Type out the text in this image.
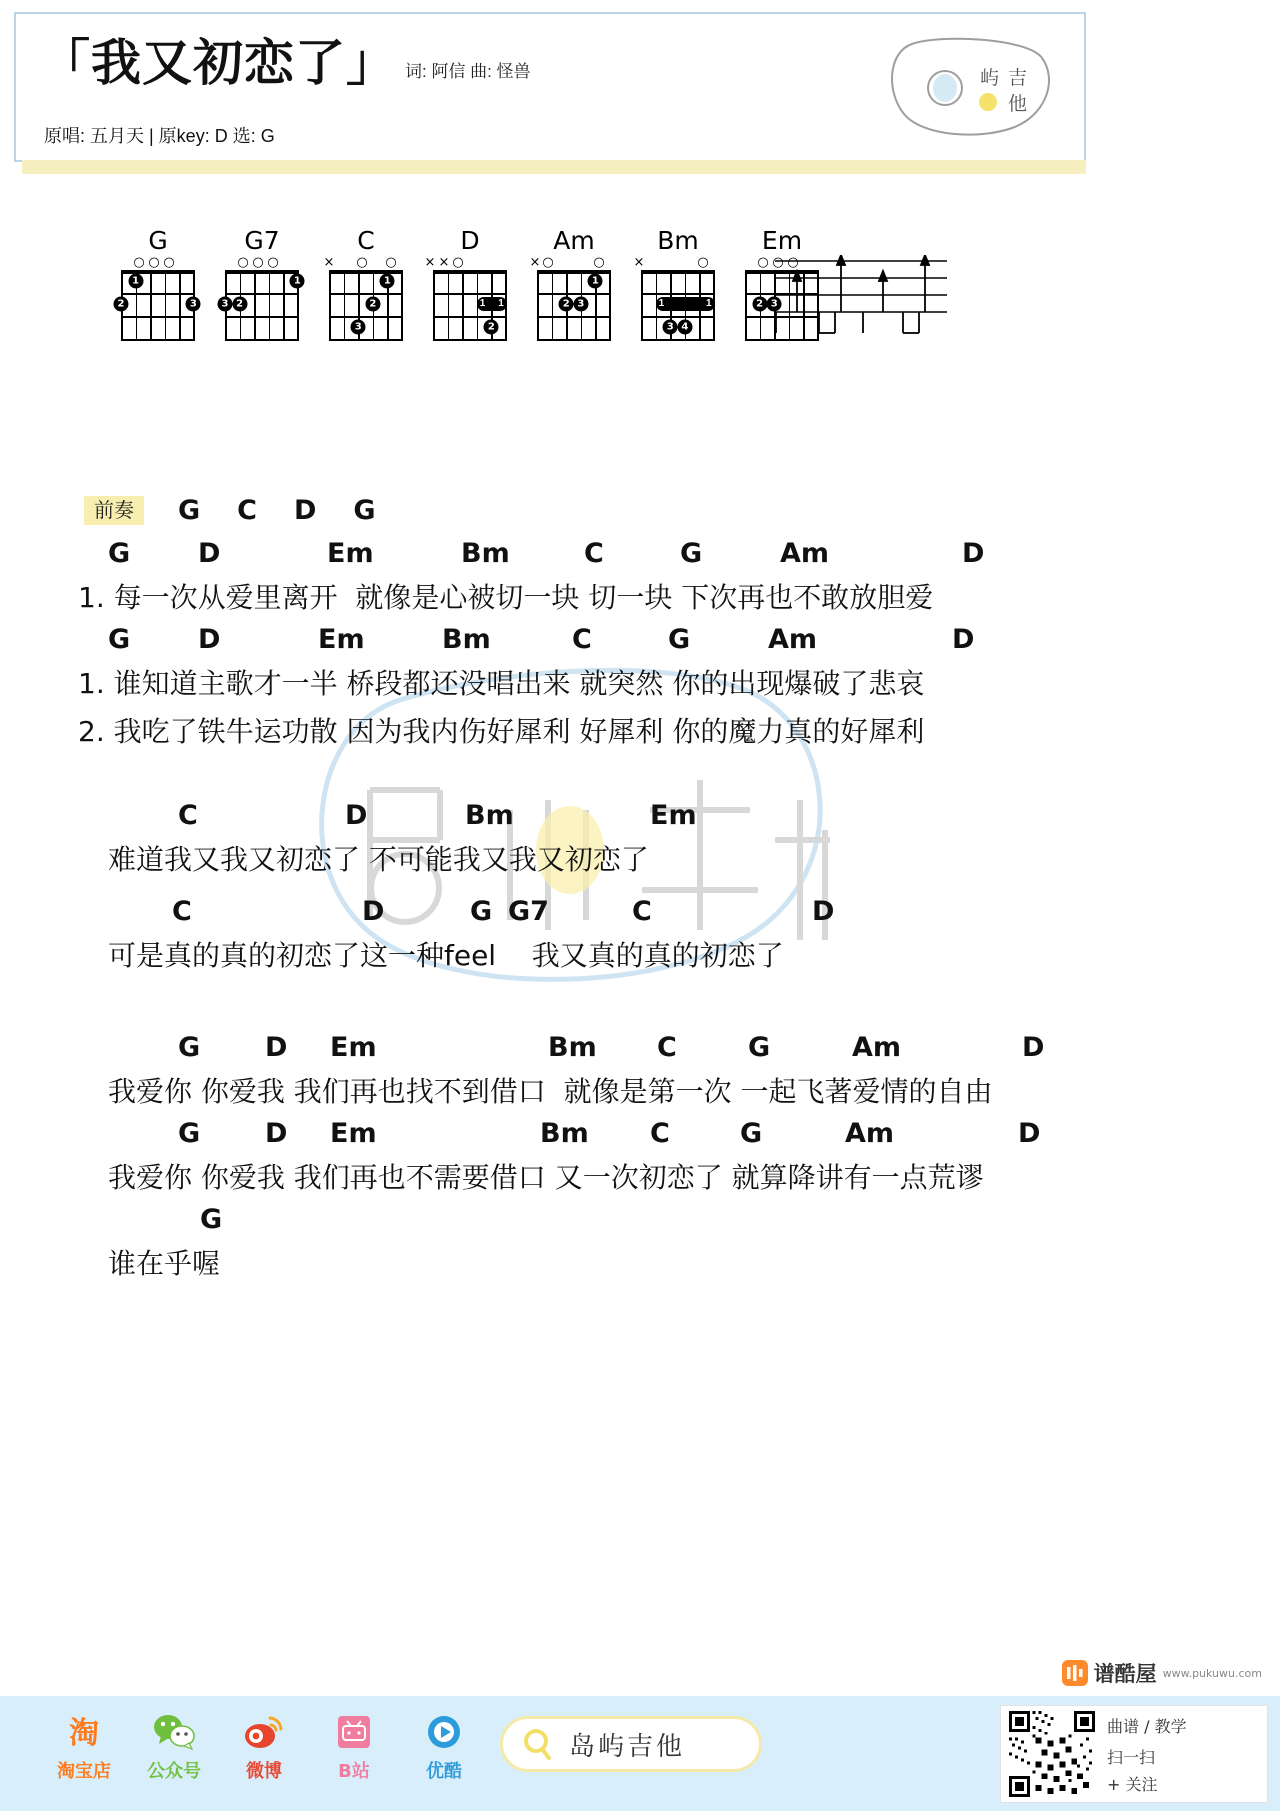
「我又初恋了」 词: 阿信 曲: 怪兽
原唱: 五月天 | 原key: D 选: G
屿 吉
他
G
○ ○ ○
1
2	3
G7
○ ○ ○
1
2
3
C
× ○ ○
1
2
3
D
× × ○
1 1
2
Am
× ○	○
1
2 3
Bm
×	○
1	1
3 4
Em
○ ○ ○
2 3
前奏	G C D G

G

	D

	Em

	Bm

	C

	G

	Am

	D

1. 每一次从爱里离开  就像是心被切一块 切一块 下次再也不敢放胆爱

G

	D

	Em

	Bm

	C

	G

	Am

	D

1. 谁知道主歌才一半 桥段都还没唱出来 就突然 你的出现爆破了悲哀
2. 我吃了铁牛运功散 因为我内伤好犀利 好犀利 你的魔力真的好犀利

C

	D

	Bm

	Em

难道我又我又初恋了 不可能我又我又初恋了

C

	D

	G

G7

	C

	D

可是真的真的初恋了这一种feel    我又真的真的初恋了

G

D

Em

	Bm

C

	G

	Am

	D

我爱你 你爱我 我们再也找不到借口  就像是第一次 一起飞著爱情的自由

G

D

Em

	Bm

C

	G

	Am

	D

我爱你 你爱我 我们再也不需要借口 又一次初恋了 就算降讲有一点荒谬

G

谁在乎喔
谱酷屋 www.pukuwu.com
淘
淘宝店 公众号	微博	B站	优酷
岛屿吉他
曲谱 / 教学
扫一扫
+ 关注
